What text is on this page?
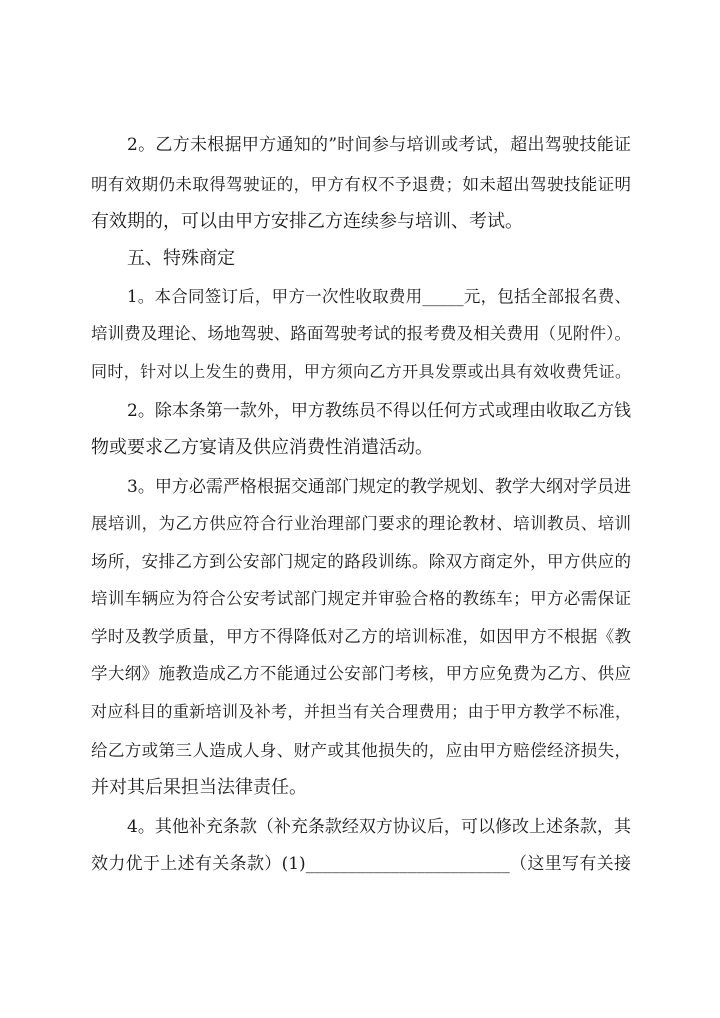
2。乙方未根据甲方通知的”时间参与培训或考试，超出驾驶技能证
明有效期仍未取得驾驶证的，甲方有权不予退费；如未超出驾驶技能证明
有效期的，可以由甲方安排乙方连续参与培训、考试。
五、特殊商定
1。本合同签订后，甲方一次性收取费用_____元，包括全部报名费、
培训费及理论、场地驾驶、路面驾驶考试的报考费及相关费用（见附件）。
同时，针对以上发生的费用，甲方须向乙方开具发票或出具有效收费凭证。
2。除本条第一款外，甲方教练员不得以任何方式或理由收取乙方钱
物或要求乙方宴请及供应消费性消遣活动。
3。甲方必需严格根据交通部门规定的教学规划、教学大纲对学员进
展培训，为乙方供应符合行业治理部门要求的理论教材、培训教员、培训
场所，安排乙方到公安部门规定的路段训练。除双方商定外，甲方供应的
培训车辆应为符合公安考试部门规定并审验合格的教练车；甲方必需保证
学时及教学质量，甲方不得降低对乙方的培训标准，如因甲方不根据《教
学大纲》施教造成乙方不能通过公安部门考核，甲方应免费为乙方、供应
对应科目的重新培训及补考，并担当有关合理费用；由于甲方教学不标准，
给乙方或第三人造成人身、财产或其他损失的，应由甲方赔偿经济损失，
并对其后果担当法律责任。
4。其他补充条款（补充条款经双方协议后，可以修改上述条款，其
效力优于上述有关条款）(1)________________________（这里写有关接
